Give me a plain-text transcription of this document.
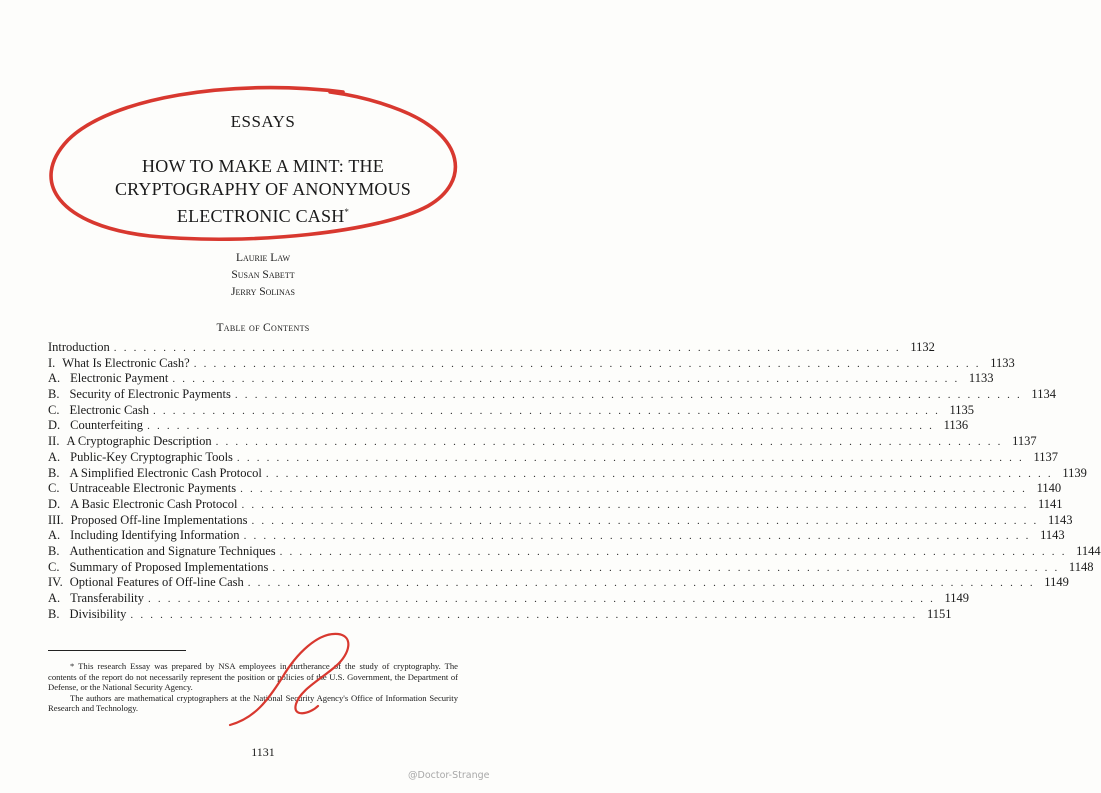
ESSAYS
HOW TO MAKE A MINT: THE
CRYPTOGRAPHY OF ANONYMOUS
ELECTRONIC CASH*
Laurie Law
Susan Sabett
Jerry Solinas
Table of Contents
Introduction . . . . . . . . . . . . . . . . . . . . . . . . . . . . . . . . . . . . . . . . . . . . . . . . . . . . . . . . . . . . . . . . . . . . . . . . . . . . . . . . 1132
I. What Is Electronic Cash? . . . . . . . . . . . . . . . . . . . . . . . . . . . . . . . . . . . . . . . . . . . . . . . . . . . . . . . . . . . . . . . . . . . . . . . . . . . . . . . . 1133
A. Electronic Payment . . . . . . . . . . . . . . . . . . . . . . . . . . . . . . . . . . . . . . . . . . . . . . . . . . . . . . . . . . . . . . . . . . . . . . . . . . . . . . . . 1133
B. Security of Electronic Payments . . . . . . . . . . . . . . . . . . . . . . . . . . . . . . . . . . . . . . . . . . . . . . . . . . . . . . . . . . . . . . . . . . . . . . . . . . . . . . . . 1134
C. Electronic Cash . . . . . . . . . . . . . . . . . . . . . . . . . . . . . . . . . . . . . . . . . . . . . . . . . . . . . . . . . . . . . . . . . . . . . . . . . . . . . . . . 1135
D. Counterfeiting . . . . . . . . . . . . . . . . . . . . . . . . . . . . . . . . . . . . . . . . . . . . . . . . . . . . . . . . . . . . . . . . . . . . . . . . . . . . . . . . 1136
II. A Cryptographic Description . . . . . . . . . . . . . . . . . . . . . . . . . . . . . . . . . . . . . . . . . . . . . . . . . . . . . . . . . . . . . . . . . . . . . . . . . . . . . . . . 1137
A. Public-Key Cryptographic Tools . . . . . . . . . . . . . . . . . . . . . . . . . . . . . . . . . . . . . . . . . . . . . . . . . . . . . . . . . . . . . . . . . . . . . . . . . . . . . . . . 1137
B. A Simplified Electronic Cash Protocol . . . . . . . . . . . . . . . . . . . . . . . . . . . . . . . . . . . . . . . . . . . . . . . . . . . . . . . . . . . . . . . . . . . . . . . . . . . . . . . . 1139
C. Untraceable Electronic Payments . . . . . . . . . . . . . . . . . . . . . . . . . . . . . . . . . . . . . . . . . . . . . . . . . . . . . . . . . . . . . . . . . . . . . . . . . . . . . . . . 1140
D. A Basic Electronic Cash Protocol . . . . . . . . . . . . . . . . . . . . . . . . . . . . . . . . . . . . . . . . . . . . . . . . . . . . . . . . . . . . . . . . . . . . . . . . . . . . . . . . 1141
III. Proposed Off-line Implementations . . . . . . . . . . . . . . . . . . . . . . . . . . . . . . . . . . . . . . . . . . . . . . . . . . . . . . . . . . . . . . . . . . . . . . . . . . . . . . . . 1143
A. Including Identifying Information . . . . . . . . . . . . . . . . . . . . . . . . . . . . . . . . . . . . . . . . . . . . . . . . . . . . . . . . . . . . . . . . . . . . . . . . . . . . . . . . 1143
B. Authentication and Signature Techniques . . . . . . . . . . . . . . . . . . . . . . . . . . . . . . . . . . . . . . . . . . . . . . . . . . . . . . . . . . . . . . . . . . . . . . . . . . . . . . . . 1144
C. Summary of Proposed Implementations . . . . . . . . . . . . . . . . . . . . . . . . . . . . . . . . . . . . . . . . . . . . . . . . . . . . . . . . . . . . . . . . . . . . . . . . . . . . . . . . 1148
IV. Optional Features of Off-line Cash . . . . . . . . . . . . . . . . . . . . . . . . . . . . . . . . . . . . . . . . . . . . . . . . . . . . . . . . . . . . . . . . . . . . . . . . . . . . . . . . 1149
A. Transferability . . . . . . . . . . . . . . . . . . . . . . . . . . . . . . . . . . . . . . . . . . . . . . . . . . . . . . . . . . . . . . . . . . . . . . . . . . . . . . . . 1149
B. Divisibility . . . . . . . . . . . . . . . . . . . . . . . . . . . . . . . . . . . . . . . . . . . . . . . . . . . . . . . . . . . . . . . . . . . . . . . . . . . . . . . . 1151

* This research Essay was prepared by NSA employees in furtherance of the study of cryptography. The contents of the report do not necessarily represent the position or policies of the U.S. Government, the Department of Defense, or the National Security Agency.

The authors are mathematical cryptographers at the National Security Agency's Office of Information Security Research and Technology.

1131
@Doctor-Strange
